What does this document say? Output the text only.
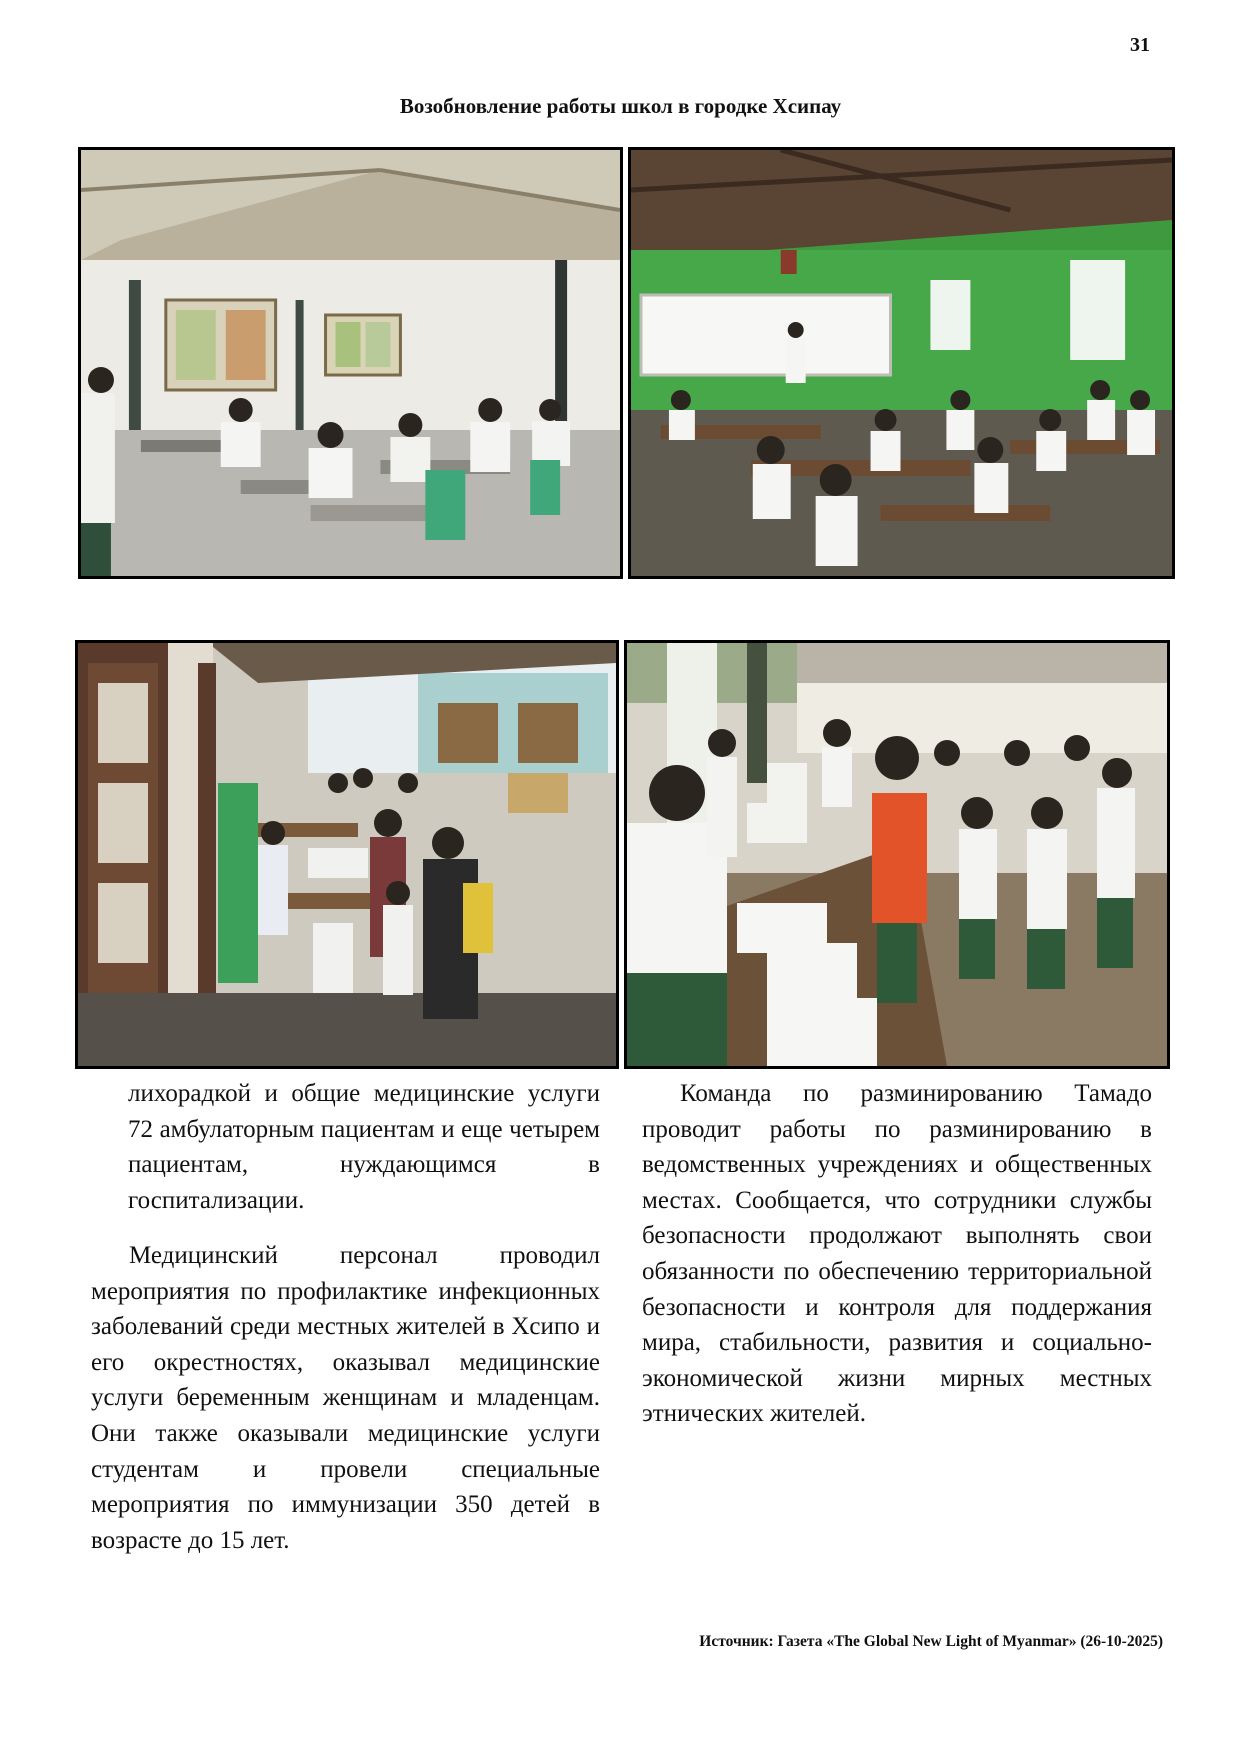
31
Возобновление работы школ в городке Хсипау

лихорадкой и общие медицинские услуги 72 амбулаторным пациентам и еще четырем пациентам, нуждающимся в госпитализации.

Медицинский персонал проводил мероприятия по профилактике инфекционных заболеваний среди местных жителей в Хсипо и его окрестностях, оказывал медицинские услуги беременным женщинам и младенцам. Они также оказывали медицинские услуги студентам и провели специальные мероприятия по иммунизации 350 детей в возрасте до 15 лет.

Команда по разминированию Тамадо проводит работы по разминированию в ведомственных учреждениях и общественных местах. Сообщается, что сотрудники службы безопасности продолжают выполнять свои обязанности по обеспечению территориальной безопасности и контроля для поддержания мира, стабильности, развития и социально-экономической жизни мирных местных этнических жителей.

Источник: Газета «The Global New Light of Myanmar» (26-10-2025)
